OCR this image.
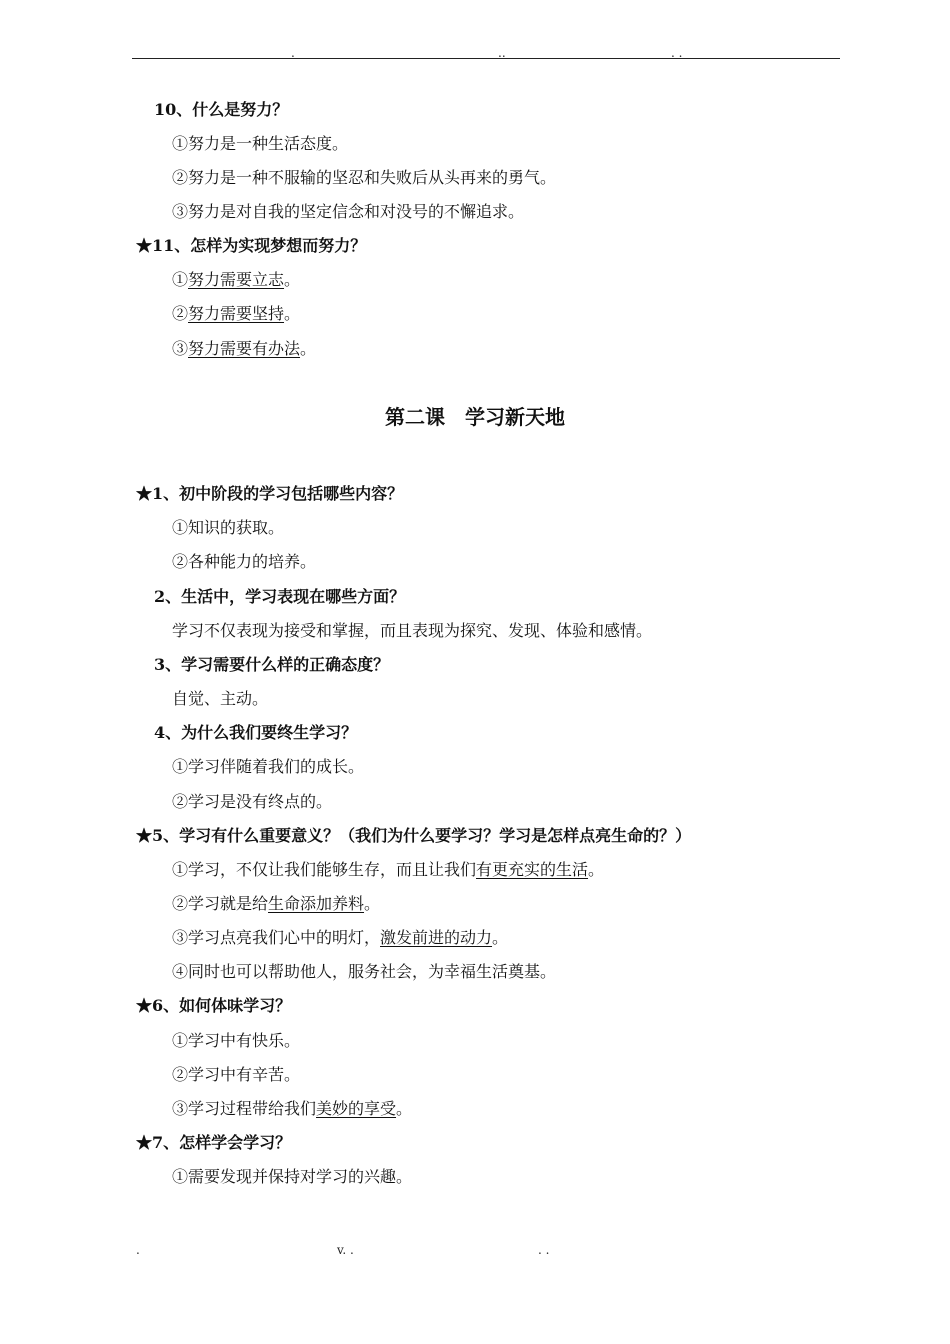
.	..	. .
10、什么是努力？
①努力是一种生活态度。
②努力是一种不服输的坚忍和失败后从头再来的勇气。
③努力是对自我的坚定信念和对没号的不懈追求。
★11、怎样为实现梦想而努力？
①努力需要立志。
②努力需要坚持。
③努力需要有办法。
第二课　学习新天地
★1、初中阶段的学习包括哪些内容？
①知识的获取。
②各种能力的培养。
2、生活中，学习表现在哪些方面？
学习不仅表现为接受和掌握，而且表现为探究、发现、体验和感情。
3、学习需要什么样的正确态度？
自觉、主动。
4、为什么我们要终生学习？
①学习伴随着我们的成长。
②学习是没有终点的。
★5、学习有什么重要意义？（我们为什么要学习？学习是怎样点亮生命的？）
①学习，不仅让我们能够生存，而且让我们有更充实的生活。
②学习就是给生命添加养料。
③学习点亮我们心中的明灯，激发前进的动力。
④同时也可以帮助他人，服务社会，为幸福生活奠基。
★6、如何体味学习？
①学习中有快乐。
②学习中有辛苦。
③学习过程带给我们美妙的享受。
★7、怎样学会学习？
①需要发现并保持对学习的兴趣。
.	v. .	. .
